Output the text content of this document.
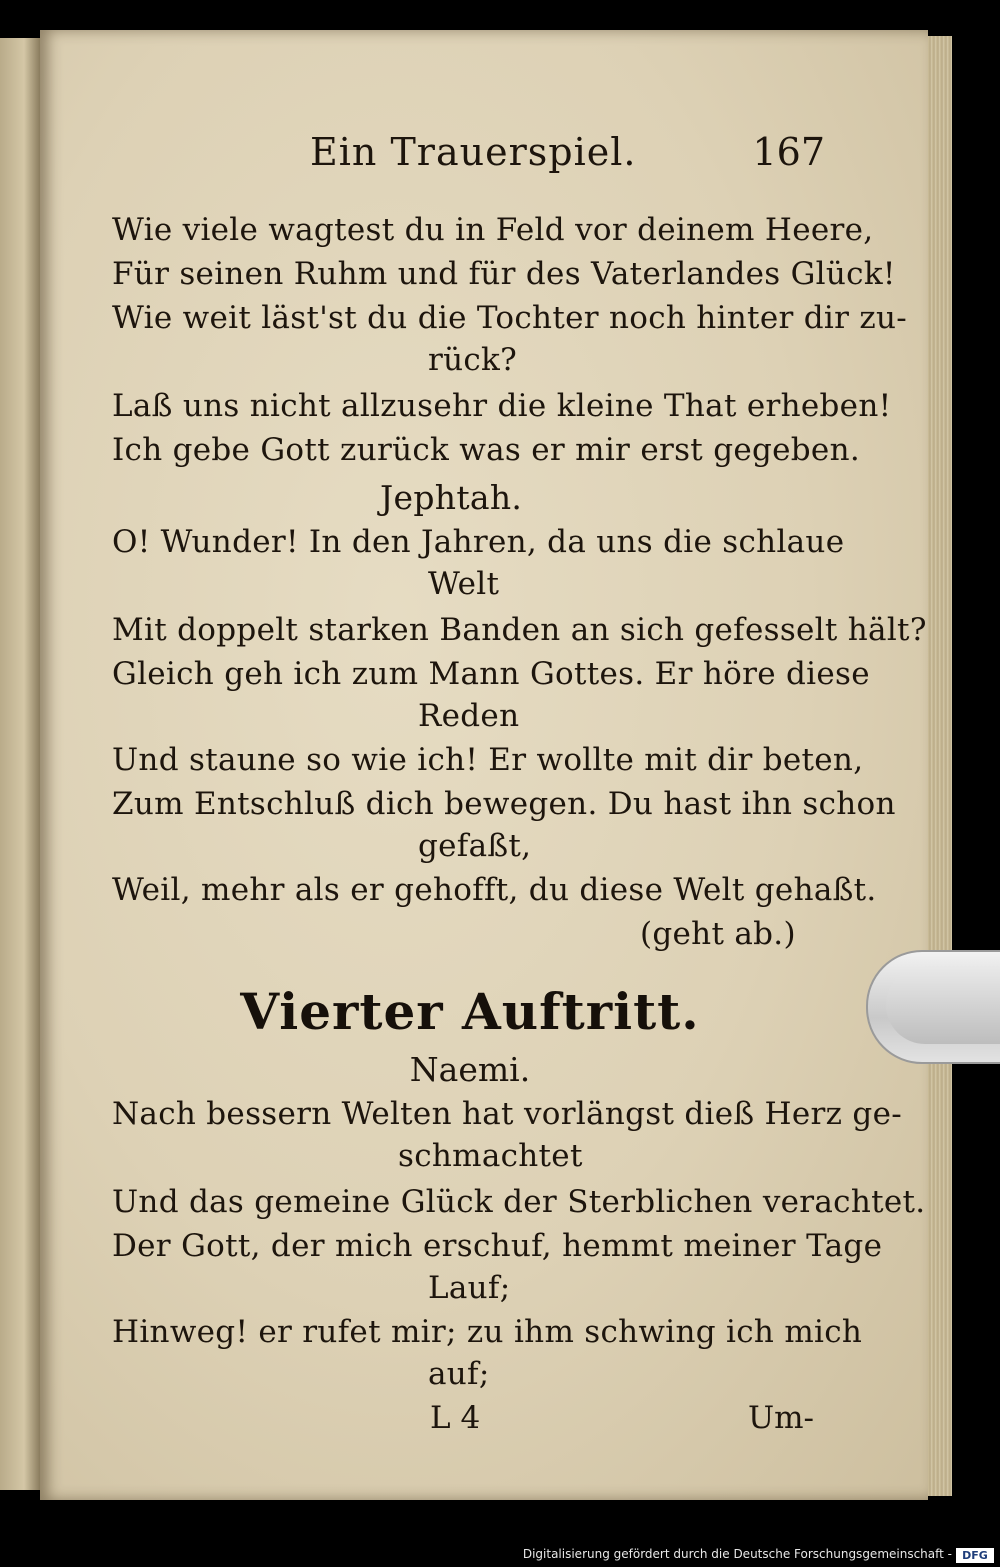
Ein Trauerspiel.	167
Wie viele wagtest du in Feld vor deinem Heere,
Für seinen Ruhm und für des Vaterlandes Glück!
Wie weit läst'st du die Tochter noch hinter dir zu-
rück?
Laß uns nicht allzusehr die kleine That erheben!
Ich gebe Gott zurück was er mir erst gegeben.
Jephtah.
O! Wunder! In den Jahren, da uns die schlaue
Welt
Mit doppelt starken Banden an sich gefesselt hält?
Gleich geh ich zum Mann Gottes. Er höre diese
Reden
Und staune so wie ich! Er wollte mit dir beten,
Zum Entschluß dich bewegen. Du hast ihn schon
gefaßt,
Weil, mehr als er gehofft, du diese Welt gehaßt.
(geht ab.)
Vierter Auftritt.
Naemi.
Nach bessern Welten hat vorlängst dieß Herz ge-
schmachtet
Und das gemeine Glück der Sterblichen verachtet.
Der Gott, der mich erschuf, hemmt meiner Tage
Lauf;
Hinweg! er rufet mir; zu ihm schwing ich mich
auf;
L 4	Um-
Digitalisierung gefördert durch die Deutsche Forschungsgemeinschaft - DFG
